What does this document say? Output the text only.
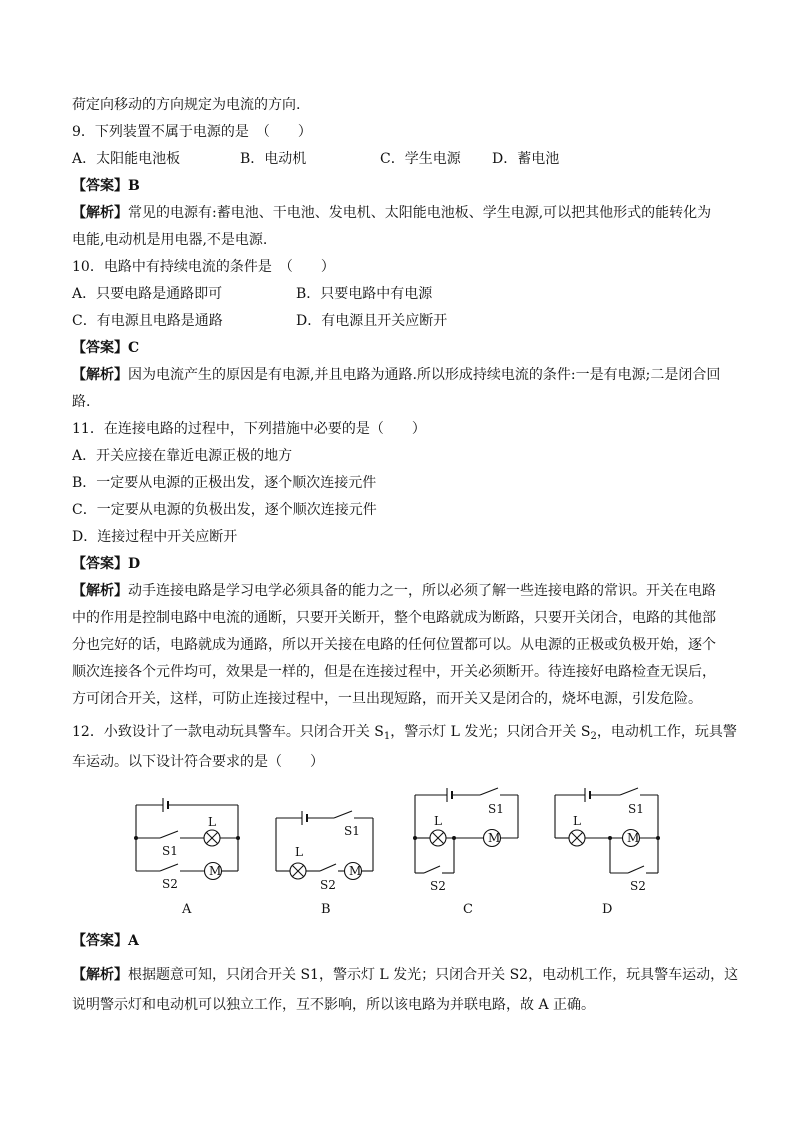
荷定向移动的方向规定为电流的方向.
9．下列装置不属于电源的是　（　　）
A．太阳能电池板	B．电动机	C．学生电源 D．蓄电池
【答案】B
【解析】常见的电源有:蓄电池、干电池、发电机、太阳能电池板、学生电源,可以把其他形式的能转化为
电能,电动机是用电器,不是电源.
10．电路中有持续电流的条件是　（　　）
A．只要电路是通路即可	B．只要电路中有电源
C．有电源且电路是通路	D．有电源且开关应断开
【答案】C
【解析】因为电流产生的原因是有电源,并且电路为通路.所以形成持续电流的条件:一是有电源;二是闭合回
路.
11．在连接电路的过程中，下列措施中必要的是（　　）
A．开关应接在靠近电源正极的地方
B．一定要从电源的正极出发，逐个顺次连接元件
C．一定要从电源的负极出发，逐个顺次连接元件
D．连接过程中开关应断开
【答案】D
【解析】动手连接电路是学习电学必须具备的能力之一，所以必须了解一些连接电路的常识。开关在电路
中的作用是控制电路中电流的通断，只要开关断开，整个电路就成为断路，只要开关闭合，电路的其他部
分也完好的话，电路就成为通路，所以开关接在电路的任何位置都可以。从电源的正极或负极开始，逐个
顺次连接各个元件均可，效果是一样的，但是在连接过程中，开关必须断开。待连接好电路检查无误后，
方可闭合开关，这样，可防止连接过程中，一旦出现短路，而开关又是闭合的，烧坏电源，引发危险。
12．小致设计了一款电动玩具警车。只闭合开关 $S_1$，警示灯 L 发光；只闭合开关 $S_2$，电动机工作，玩具警
车运动。以下设计符合要求的是（　　）
L
S1
M
S2
S1
L
S2
M
S1
L
M
S2
S1
L
M
S2
A	B	C	D
【答案】A
【解析】根据题意可知，只闭合开关 S1，警示灯 L 发光；只闭合开关 S2，电动机工作，玩具警车运动，这
说明警示灯和电动机可以独立工作，互不影响，所以该电路为并联电路，故 A 正确。
